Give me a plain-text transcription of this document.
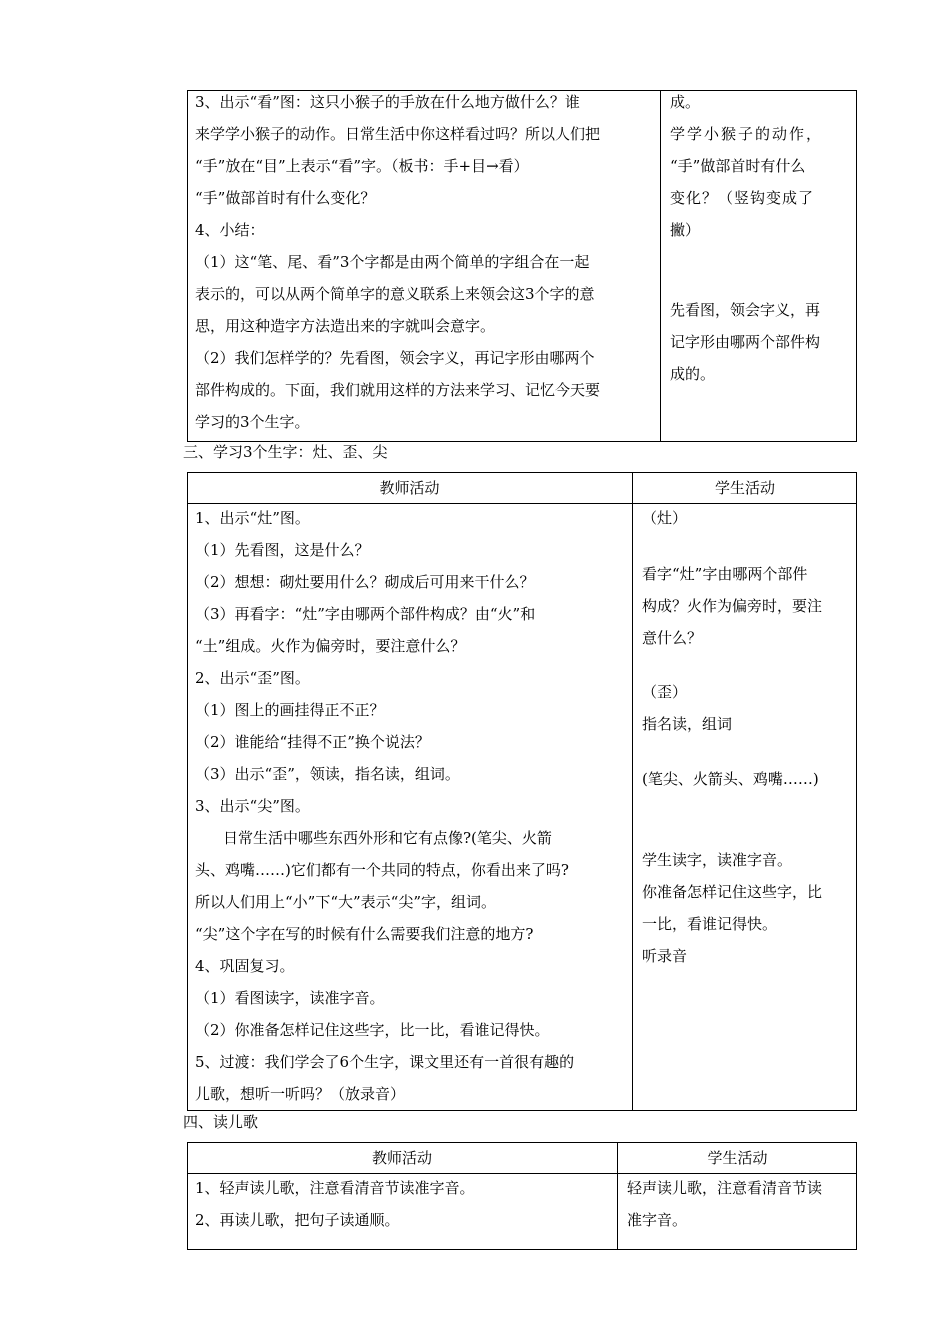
3、出示“看”图：这只小猴子的手放在什么地方做什么？谁
来学学小猴子的动作。日常生活中你这样看过吗？所以人们把
“手”放在“目”上表示“看”字。（板书：手+目→看）
“手”做部首时有什么变化？
4、小结：
（1）这“笔、尾、看”3个字都是由两个简单的字组合在一起
表示的，可以从两个简单字的意义联系上来领会这3个字的意
思，用这种造字方法造出来的字就叫会意字。
（2）我们怎样学的？先看图，领会字义，再记字形由哪两个
部件构成的。下面，我们就用这样的方法来学习、记忆今天要
学习的3个生字。
成。
学学小猴子的动作，
“手”做部首时有什么
变化？（竖钩变成了
撇）
先看图，领会字义，再
记字形由哪两个部件构
成的。
三、学习3个生字：灶、歪、尖
教师活动	学生活动
1、出示“灶”图。
（1）先看图，这是什么？
（2）想想：砌灶要用什么？砌成后可用来干什么？
（3）再看字：“灶”字由哪两个部件构成？由“火”和
“土”组成。火作为偏旁时，要注意什么？
2、出示“歪”图。
（1）图上的画挂得正不正？
（2）谁能给“挂得不正”换个说法？
（3）出示“歪”，领读，指名读，组词。
3、出示“尖”图。
日常生活中哪些东西外形和它有点像?(笔尖、火箭
头、鸡嘴……)它们都有一个共同的特点，你看出来了吗?
所以人们用上“小”下“大”表示“尖”字，组词。
“尖”这个字在写的时候有什么需要我们注意的地方?
4、巩固复习。
（1）看图读字，读准字音。
（2）你准备怎样记住这些字，比一比，看谁记得快。
5、过渡：我们学会了6个生字，课文里还有一首很有趣的
儿歌，想听一听吗？（放录音）
（灶）
看字“灶”字由哪两个部件
构成？火作为偏旁时，要注
意什么？
（歪）
指名读，组词
(笔尖、火箭头、鸡嘴……)
学生读字，读准字音。
你准备怎样记住这些字，比
一比，看谁记得快。
听录音
四、读儿歌
教师活动	学生活动
1、轻声读儿歌，注意看清音节读准字音。
2、再读儿歌，把句子读通顺。
轻声读儿歌，注意看清音节读
准字音。
